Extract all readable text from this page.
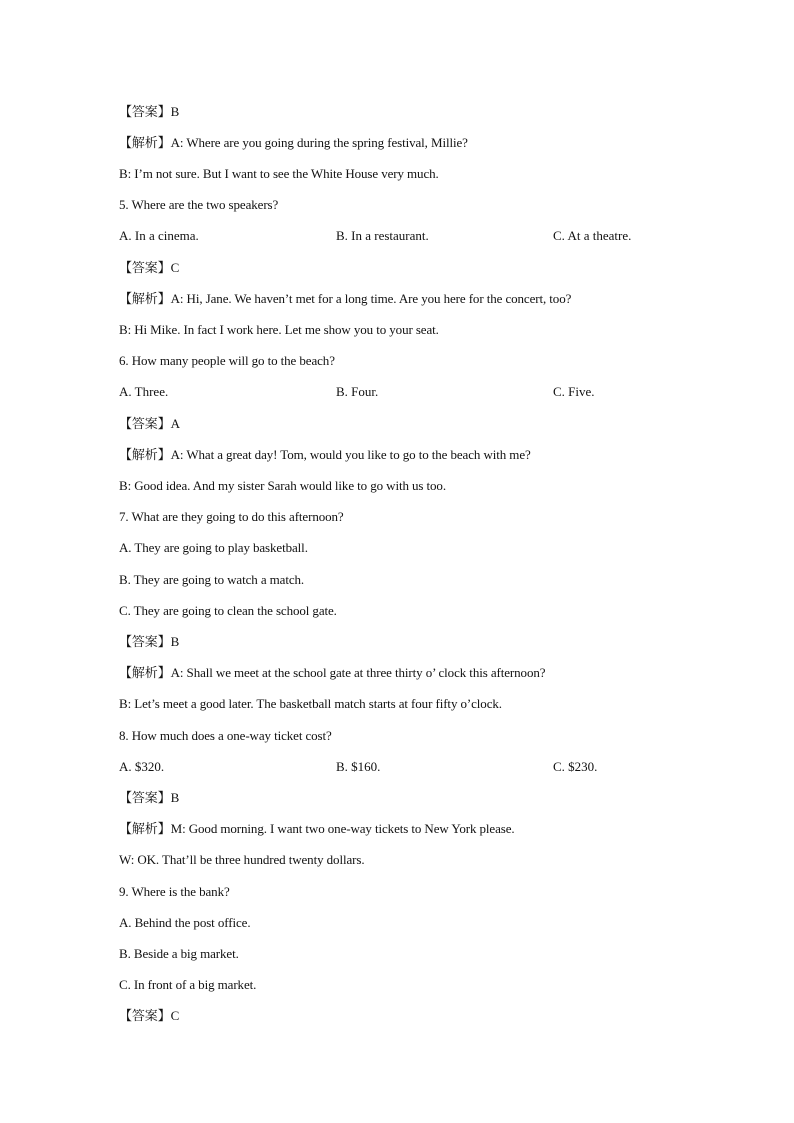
【答案】B
【解析】A: Where are you going during the spring festival, Millie?
B: I’m not sure. But I want to see the White House very much.
5. Where are the two speakers?
A. In a cinema.	B. In a restaurant.	C. At a theatre.
【答案】C
【解析】A: Hi, Jane. We haven’t met for a long time. Are you here for the concert, too?
B: Hi Mike. In fact I work here. Let me show you to your seat.
6. How many people will go to the beach?
A. Three.	B. Four.	C. Five.
【答案】A
【解析】A: What a great day! Tom, would you like to go to the beach with me?
B: Good idea. And my sister Sarah would like to go with us too.
7. What are they going to do this afternoon?
A. They are going to play basketball.
B. They are going to watch a match.
C. They are going to clean the school gate.
【答案】B
【解析】A: Shall we meet at the school gate at three thirty o’ clock this afternoon?
B: Let’s meet a good later. The basketball match starts at four fifty o’clock.
8. How much does a one-way ticket cost?
A. $320.	B. $160.	C. $230.
【答案】B
【解析】M: Good morning. I want two one-way tickets to New York please.
W: OK. That’ll be three hundred twenty dollars.
9. Where is the bank?
A. Behind the post office.
B. Beside a big market.
C. In front of a big market.
【答案】C
